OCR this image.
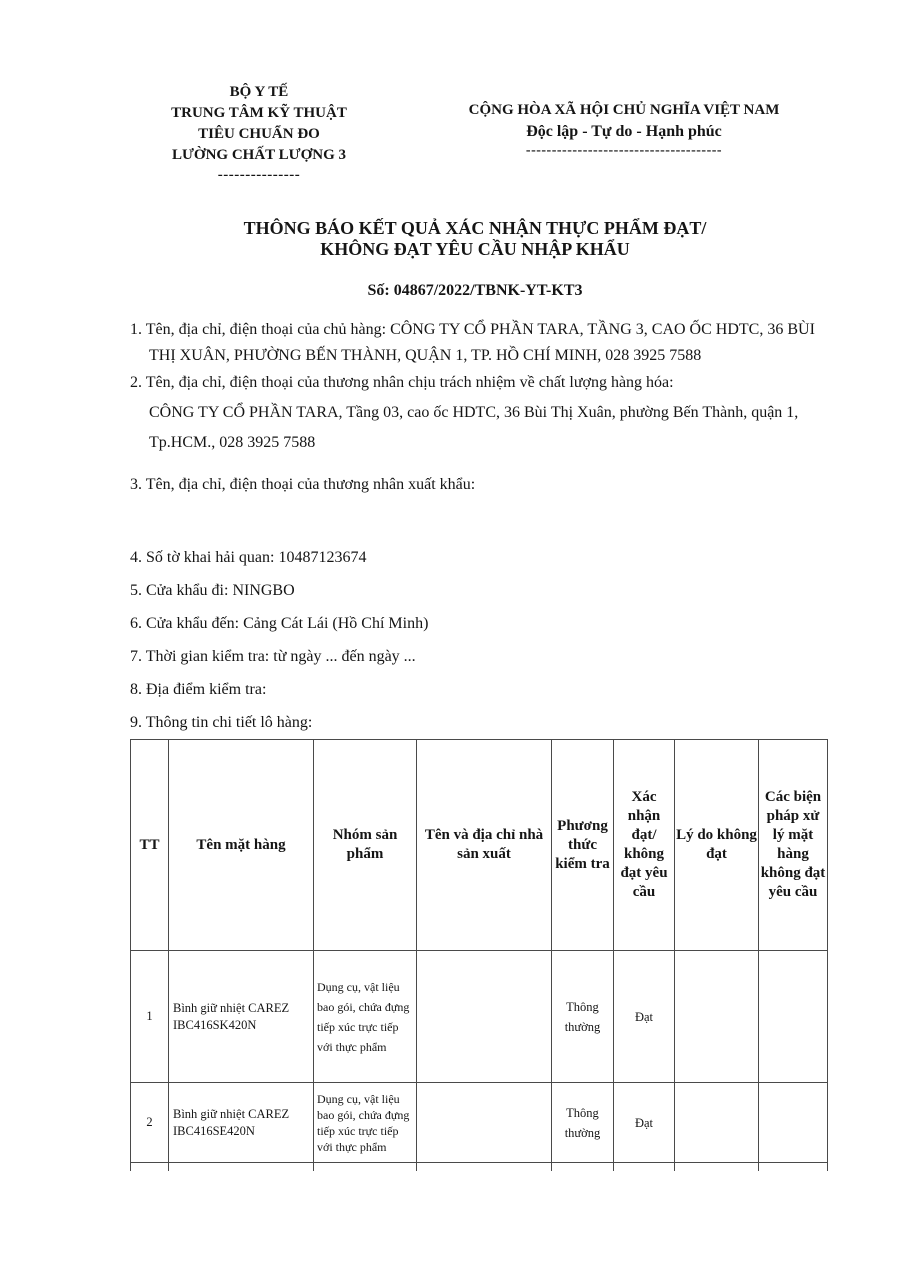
BỘ Y TẾ
TRUNG TÂM KỸ THUẬT
TIÊU CHUẨN ĐO
LƯỜNG CHẤT LƯỢNG 3
---------------
CỘNG HÒA XÃ HỘI CHỦ NGHĨA VIỆT NAM
Độc lập - Tự do - Hạnh phúc
--------------------------------------
THÔNG BÁO KẾT QUẢ XÁC NHẬN THỰC PHẨM ĐẠT/
KHÔNG ĐẠT YÊU CẦU NHẬP KHẨU
Số: 04867/2022/TBNK-YT-KT3
1. Tên, địa chỉ, điện thoại của chủ hàng: CÔNG TY CỔ PHẦN TARA, TẦNG 3, CAO ỐC HDTC, 36 BÙI THỊ XUÂN, PHƯỜNG BẾN THÀNH, QUẬN 1, TP. HỒ CHÍ MINH, 028 3925 7588
2. Tên, địa chỉ, điện thoại của thương nhân chịu trách nhiệm về chất lượng hàng hóa:
CÔNG TY CỔ PHẦN TARA, Tầng 03, cao ốc HDTC, 36 Bùi Thị Xuân, phường Bến Thành, quận 1, Tp.HCM., 028 3925 7588
3. Tên, địa chỉ, điện thoại của thương nhân xuất khẩu:
4. Số tờ khai hải quan: 10487123674
5. Cửa khẩu đi: NINGBO
6. Cửa khẩu đến: Cảng Cát Lái (Hồ Chí Minh)
7. Thời gian kiểm tra: từ ngày ... đến ngày ...
8. Địa điểm kiểm tra:
9. Thông tin chi tiết lô hàng:
TT	Tên mặt hàng	Nhóm sản phẩm	Tên và địa chỉ nhà sản xuất	Phương thức kiểm tra	Xác nhận đạt/ không đạt yêu cầu	Lý do không đạt	Các biện pháp xử lý mặt hàng không đạt yêu cầu
1	Bình giữ nhiệt CAREZ IBC416SK420N	Dụng cụ, vật liệu bao gói, chứa đựng tiếp xúc trực tiếp với thực phẩm		Thông thường	Đạt		
2	Bình giữ nhiệt CAREZ IBC416SE420N	Dụng cụ, vật liệu bao gói, chứa đựng tiếp xúc trực tiếp với thực phẩm		Thông thường	Đạt		
